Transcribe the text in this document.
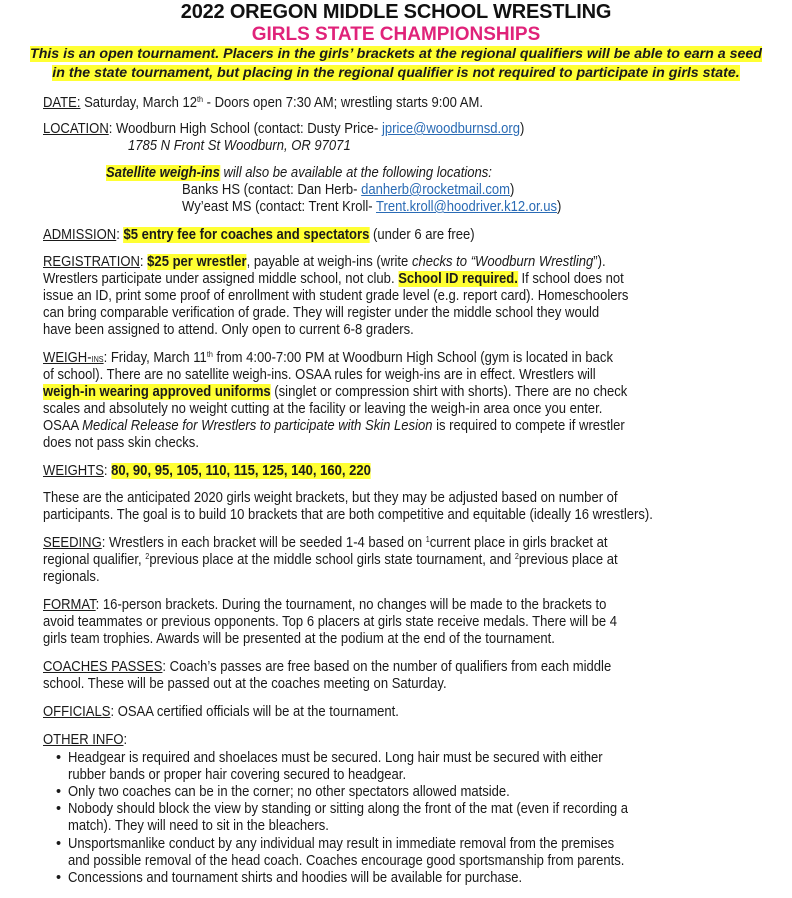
2022 OREGON MIDDLE SCHOOL WRESTLING
GIRLS STATE CHAMPIONSHIPS
This is an open tournament. Placers in the girls’ brackets at the regional qualifiers will be able to earn a seed
in the state tournament, but placing in the regional qualifier is not required to participate in girls state.
DATE: Saturday, March 12th - Doors open 7:30 AM; wrestling starts 9:00 AM.
LOCATION: Woodburn High School (contact: Dusty Price- jprice@woodburnsd.org)
1785 N Front St Woodburn, OR 97071
Satellite weigh-ins will also be available at the following locations:
Banks HS (contact: Dan Herb- danherb@rocketmail.com)
Wy’east MS (contact: Trent Kroll- Trent.kroll@hoodriver.k12.or.us)
ADMISSION: $5 entry fee for coaches and spectators (under 6 are free)
REGISTRATION: $25 per wrestler, payable at weigh-ins (write checks to “Woodburn Wrestling”).
Wrestlers participate under assigned middle school, not club. School ID required. If school does not
issue an ID, print some proof of enrollment with student grade level (e.g. report card). Homeschoolers
can bring comparable verification of grade. They will register under the middle school they would
have been assigned to attend. Only open to current 6-8 graders.
WEIGH-INS: Friday, March 11th from 4:00-7:00 PM at Woodburn High School (gym is located in back
of school). There are no satellite weigh-ins. OSAA rules for weigh-ins are in effect. Wrestlers will
weigh-in wearing approved uniforms (singlet or compression shirt with shorts). There are no check
scales and absolutely no weight cutting at the facility or leaving the weigh-in area once you enter.
OSAA Medical Release for Wrestlers to participate with Skin Lesion is required to compete if wrestler
does not pass skin checks.
WEIGHTS: 80, 90, 95, 105, 110, 115, 125, 140, 160, 220
These are the anticipated 2020 girls weight brackets, but they may be adjusted based on number of
participants. The goal is to build 10 brackets that are both competitive and equitable (ideally 16 wrestlers).
SEEDING: Wrestlers in each bracket will be seeded 1-4 based on $^1$current place in girls bracket at
regional qualifier, $^2$previous place at the middle school girls state tournament, and $^2$previous place at
regionals.
FORMAT: 16-person brackets. During the tournament, no changes will be made to the brackets to
avoid teammates or previous opponents. Top 6 placers at girls state receive medals. There will be 4
girls team trophies. Awards will be presented at the podium at the end of the tournament.
COACHES PASSES: Coach’s passes are free based on the number of qualifiers from each middle
school. These will be passed out at the coaches meeting on Saturday.
OFFICIALS: OSAA certified officials will be at the tournament.
OTHER INFO:
• Headgear is required and shoelaces must be secured. Long hair must be secured with either
rubber bands or proper hair covering secured to headgear.
• Only two coaches can be in the corner; no other spectators allowed matside.
• Nobody should block the view by standing or sitting along the front of the mat (even if recording a
match). They will need to sit in the bleachers.
• Unsportsmanlike conduct by any individual may result in immediate removal from the premises
and possible removal of the head coach. Coaches encourage good sportsmanship from parents.
• Concessions and tournament shirts and hoodies will be available for purchase.
